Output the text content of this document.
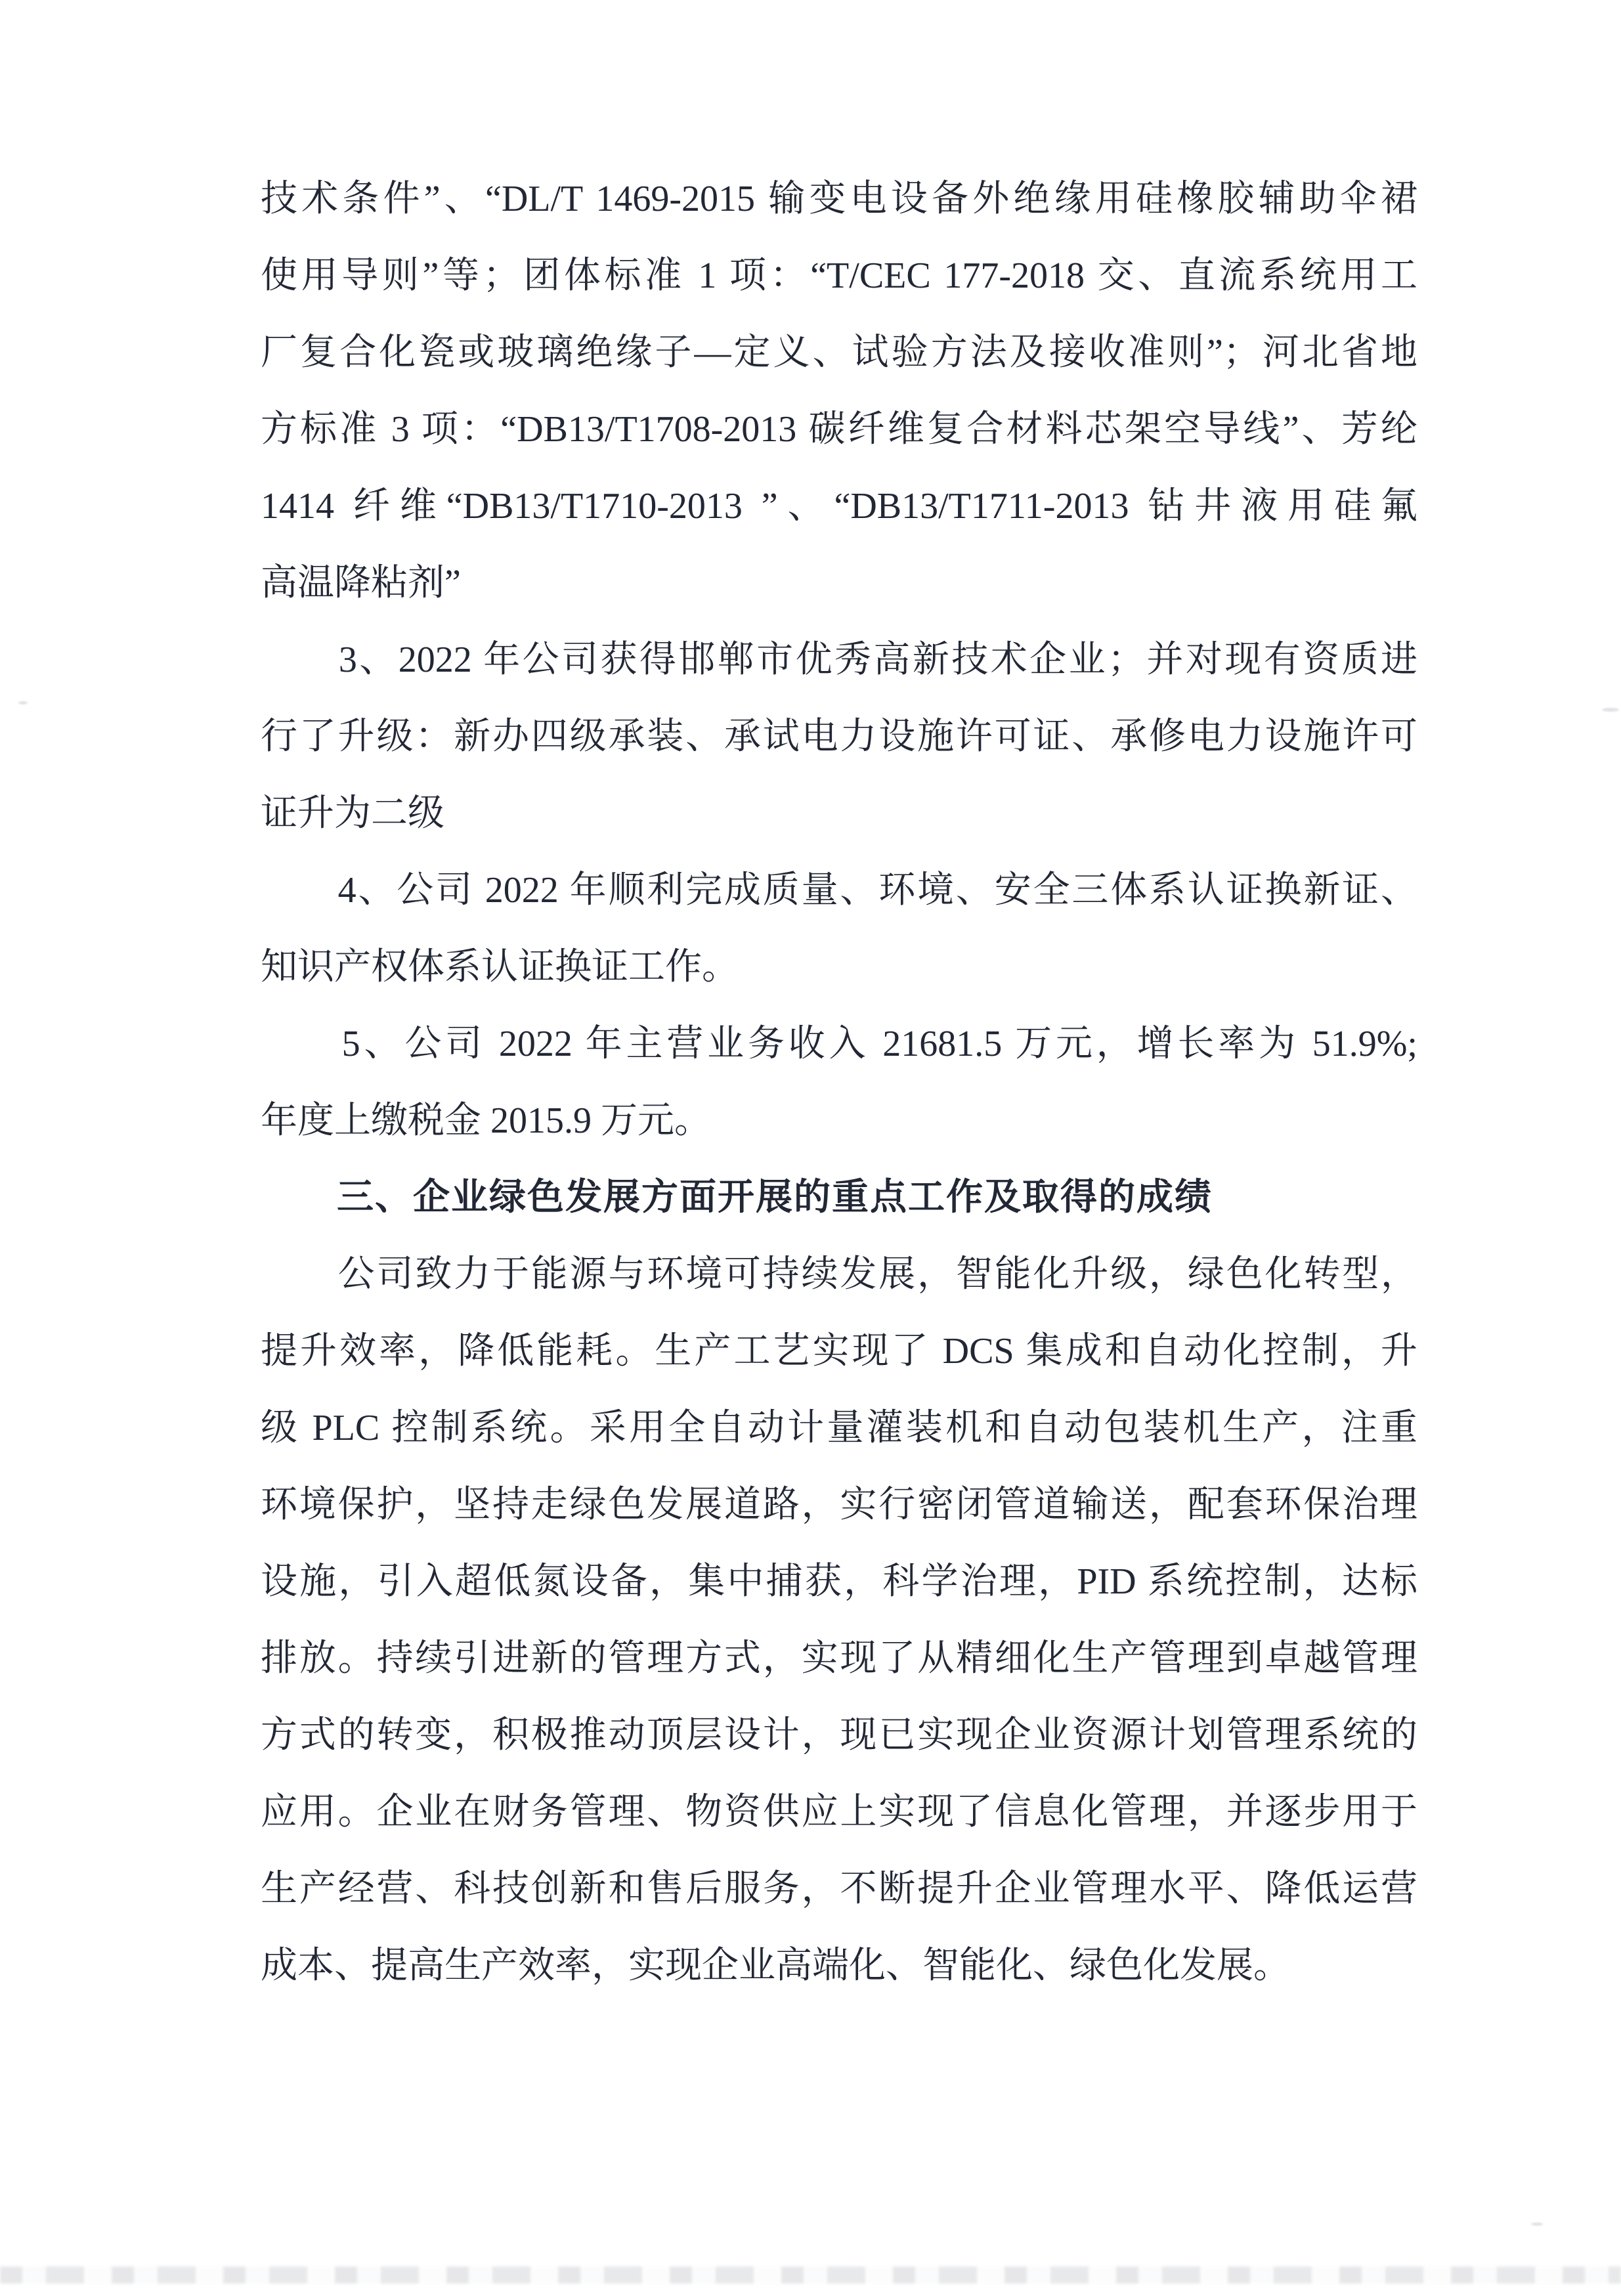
技术条件”、“DL/T 1469-2015 输变电设备外绝缘用硅橡胶辅助伞裙
使用导则”等；团体标准 1 项：“T/CEC 177-2018 交、直流系统用工
厂复合化瓷或玻璃绝缘子—定义、试验方法及接收准则”；河北省地
方标准 3 项：“DB13/T1708-2013 碳纤维复合材料芯架空导线”、芳纶
1414 纤维“DB13/T1710-2013 ”、“DB13/T1711-2013 钻井液用硅氟
高温降粘剂”
　　3、2022 年公司获得邯郸市优秀高新技术企业；并对现有资质进
行了升级：新办四级承装、承试电力设施许可证、承修电力设施许可
证升为二级
　　4、公司 2022 年顺利完成质量、环境、安全三体系认证换新证、
知识产权体系认证换证工作。
　　5、公司 2022 年主营业务收入 21681.5 万元，增长率为 51.9%;
年度上缴税金 2015.9 万元。
　　三、企业绿色发展方面开展的重点工作及取得的成绩
　　公司致力于能源与环境可持续发展，智能化升级，绿色化转型，
提升效率，降低能耗。生产工艺实现了 DCS 集成和自动化控制，升
级 PLC 控制系统。采用全自动计量灌装机和自动包装机生产，注重
环境保护，坚持走绿色发展道路，实行密闭管道输送，配套环保治理
设施，引入超低氮设备，集中捕获，科学治理，PID 系统控制，达标
排放。持续引进新的管理方式，实现了从精细化生产管理到卓越管理
方式的转变，积极推动顶层设计，现已实现企业资源计划管理系统的
应用。企业在财务管理、物资供应上实现了信息化管理，并逐步用于
生产经营、科技创新和售后服务，不断提升企业管理水平、降低运营
成本、提高生产效率，实现企业高端化、智能化、绿色化发展。
